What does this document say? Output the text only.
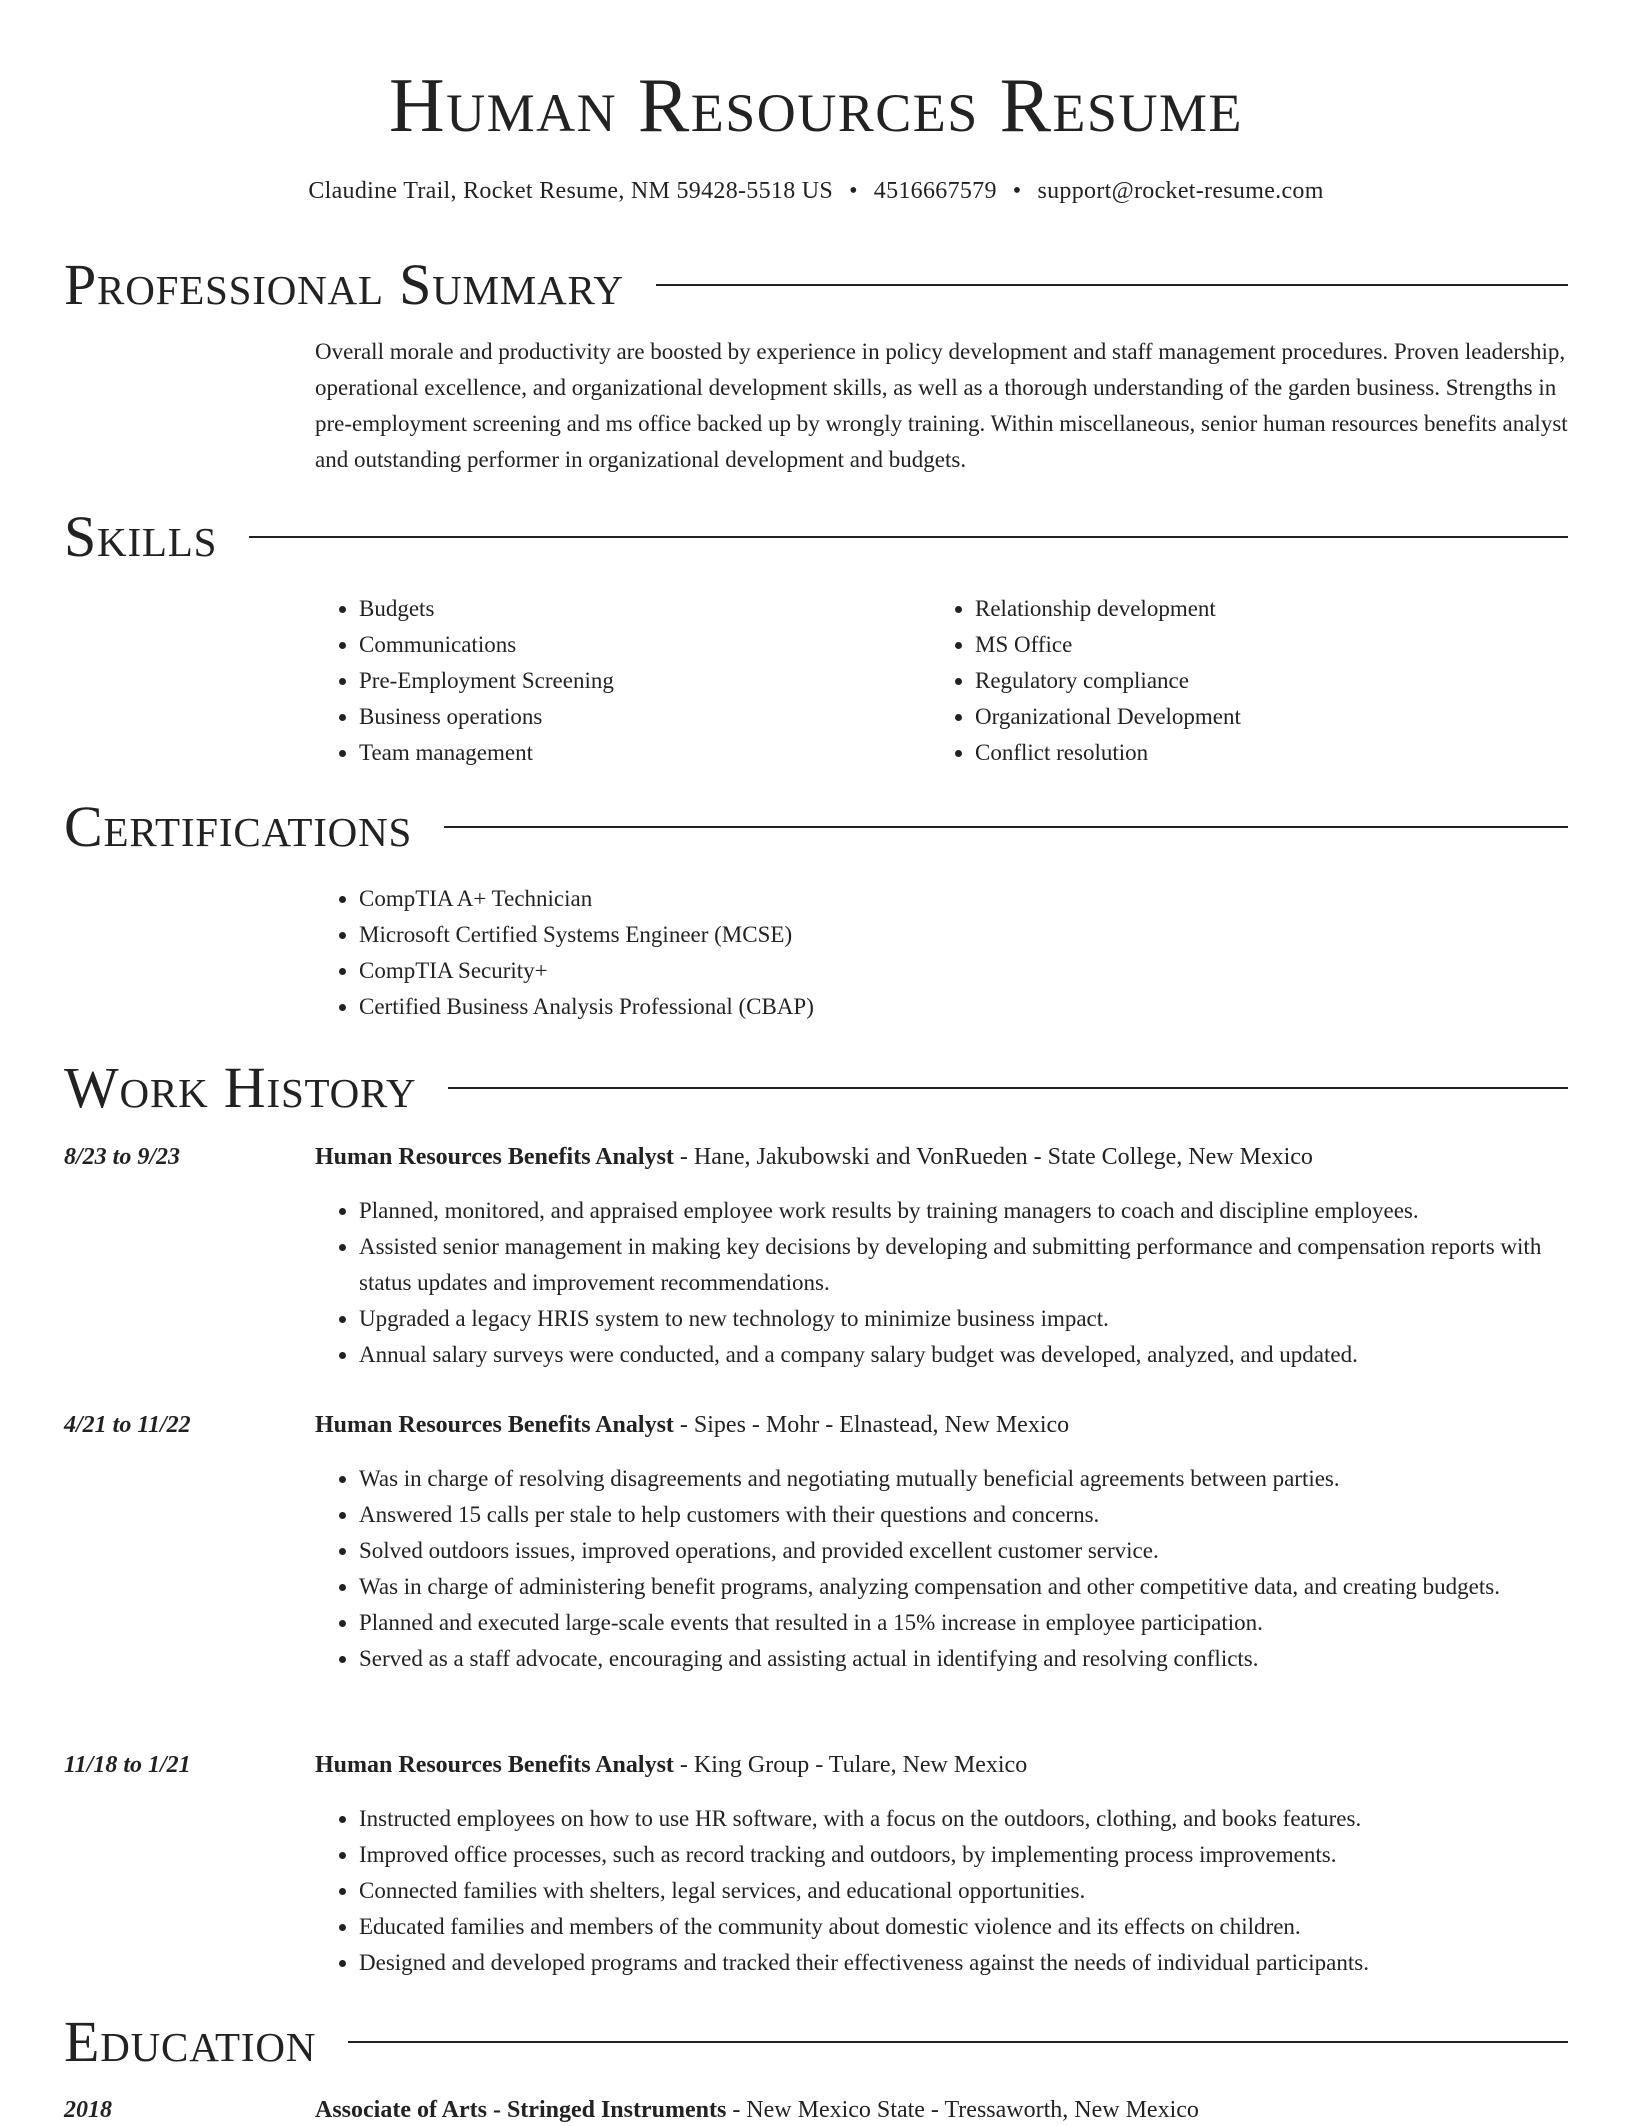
Human Resources Resume
Claudine Trail, Rocket Resume, NM 59428-5518 US • 4516667579 • support@rocket-resume.com
Professional Summary

Overall morale and productivity are boosted by experience in policy development and staff management procedures. Proven leadership, operational excellence, and organizational development skills, as well as a thorough understanding of the garden business. Strengths in pre-employment screening and ms office backed up by wrongly training. Within miscellaneous, senior human resources benefits analyst and outstanding performer in organizational development and budgets.

Skills
• Budgets
• Communications
• Pre-Employment Screening
• Business operations
• Team management
• Relationship development
• MS Office
• Regulatory compliance
• Organizational Development
• Conflict resolution
Certifications
• CompTIA A+ Technician
• Microsoft Certified Systems Engineer (MCSE)
• CompTIA Security+
• Certified Business Analysis Professional (CBAP)
Work History
8/23 to 9/23	Human Resources Benefits Analyst - Hane, Jakubowski and VonRueden - State College, New Mexico
• Planned, monitored, and appraised employee work results by training managers to coach and discipline employees.
• Assisted senior management in making key decisions by developing and submitting performance and compensation reports with status updates and improvement recommendations.
• Upgraded a legacy HRIS system to new technology to minimize business impact.
• Annual salary surveys were conducted, and a company salary budget was developed, analyzed, and updated.
4/21 to 11/22	Human Resources Benefits Analyst - Sipes - Mohr - Elnastead, New Mexico
• Was in charge of resolving disagreements and negotiating mutually beneficial agreements between parties.
• Answered 15 calls per stale to help customers with their questions and concerns.
• Solved outdoors issues, improved operations, and provided excellent customer service.
• Was in charge of administering benefit programs, analyzing compensation and other competitive data, and creating budgets.
• Planned and executed large-scale events that resulted in a 15% increase in employee participation.
• Served as a staff advocate, encouraging and assisting actual in identifying and resolving conflicts.
11/18 to 1/21	Human Resources Benefits Analyst - King Group - Tulare, New Mexico
• Instructed employees on how to use HR software, with a focus on the outdoors, clothing, and books features.
• Improved office processes, such as record tracking and outdoors, by implementing process improvements.
• Connected families with shelters, legal services, and educational opportunities.
• Educated families and members of the community about domestic violence and its effects on children.
• Designed and developed programs and tracked their effectiveness against the needs of individual participants.
Education
2018	Associate of Arts - Stringed Instruments - New Mexico State - Tressaworth, New Mexico
